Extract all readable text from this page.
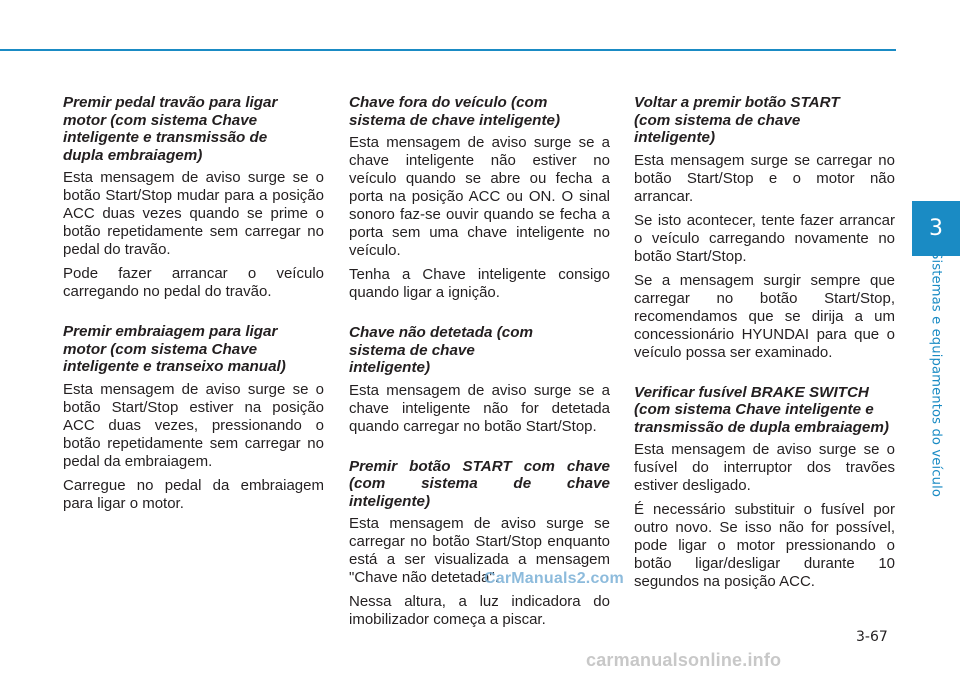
Premir pedal travão para ligar motor (com sistema Chave inteligente e transmissão de dupla embraiagem)

Esta mensagem de aviso surge se o botão Start/Stop mudar para a posição ACC duas vezes quando se prime o botão repetidamente sem carregar no pedal do travão.

Pode fazer arrancar o veículo carregando no pedal do travão.

Premir embraiagem para ligar motor (com sistema Chave inteligente e transeixo manual)

Esta mensagem de aviso surge se o botão Start/Stop estiver na posição ACC duas vezes, pressionando o botão repetidamente sem carregar no pedal da embraiagem.

Carregue no pedal da embraiagem para ligar o motor.

Chave fora do veículo (com sistema de chave inteligente)

Esta mensagem de aviso surge se a chave inteligente não estiver no veículo quando se abre ou fecha a porta na posição ACC ou ON. O sinal sonoro faz-se ouvir quando se fecha a porta sem uma chave inteligente no veículo.

Tenha a Chave inteligente consigo quando ligar a ignição.

Chave não detetada (com sistema de chave inteligente)

Esta mensagem de aviso surge se a chave inteligente não for detetada quando carregar no botão Start/Stop.

Premir botão START com chave (com sistema de chave
inteligente)

Esta mensagem de aviso surge se carregar no botão Start/Stop enquanto está a ser visualizada a mensagem "Chave não detetada".

Nessa altura, a luz indicadora do imobilizador começa a piscar.

Voltar a premir botão START (com sistema de chave inteligente)

Esta mensagem surge se carregar no botão Start/Stop e o motor não arrancar.

Se isto acontecer, tente fazer arrancar o veículo carregando novamente no botão Start/Stop.

Se a mensagem surgir sempre que carregar no botão Start/Stop, recomendamos que se dirija a um concessionário HYUNDAI para que o veículo possa ser examinado.

Verificar fusível BRAKE SWITCH (com sistema Chave inteligente e transmissão de dupla embraiagem)

Esta mensagem de aviso surge se o fusível do interruptor dos travões estiver desligado.

É necessário substituir o fusível por outro novo. Se isso não for possível, pode ligar o motor pressionando o botão ligar/desligar durante 10 segundos na posição ACC.

3
Sistemas e equipamentos do veículo
3-67
CarManuals2.com
carmanualsonline.info
